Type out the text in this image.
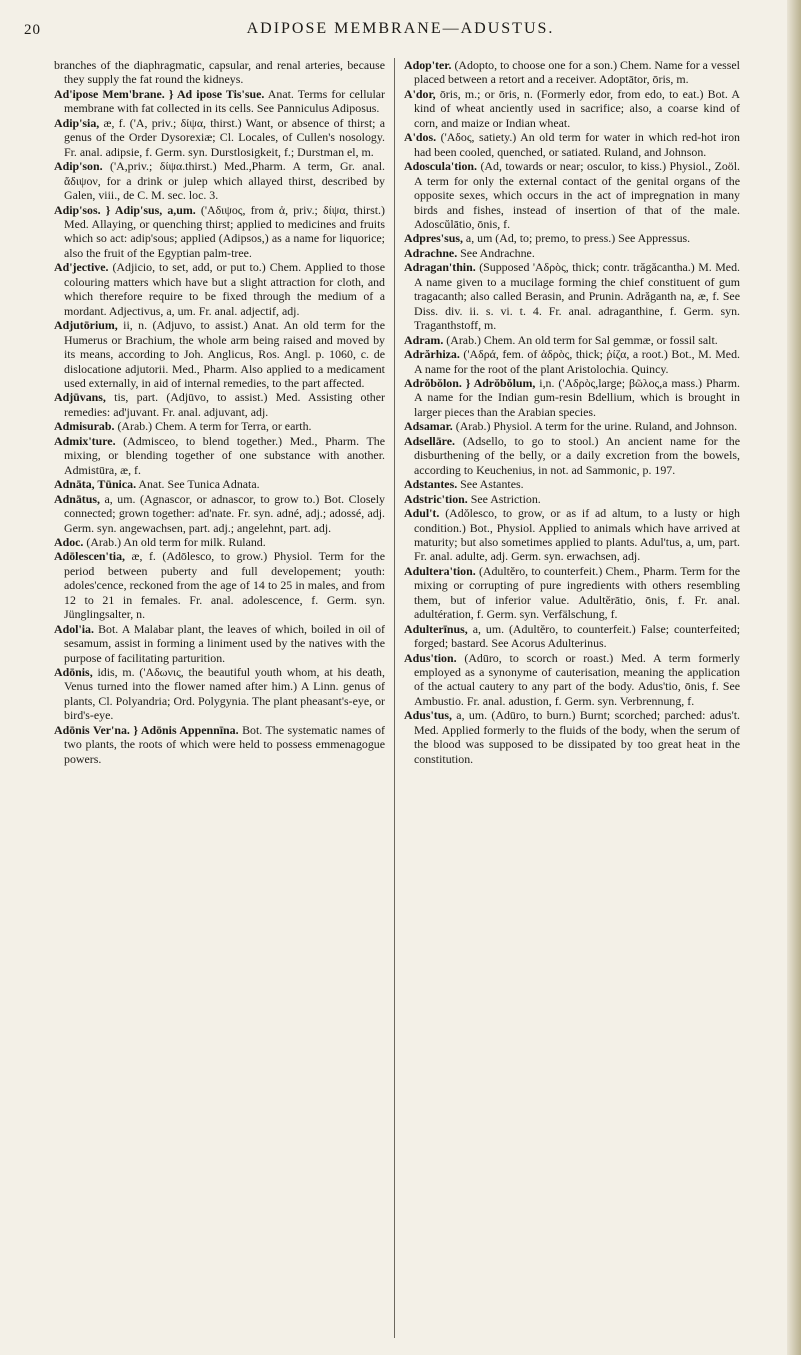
20	ADIPOSE MEMBRANE—ADUSTUS.

branches of the diaphragmatic, capsular, and renal arteries, because they supply the fat round the kidneys.

Ad'ipose Mem'brane. } Ad ipose Tis'sue. Anat. Terms for cellular membrane with fat collected in its cells. See Panniculus Adiposus.

Adip'sia, æ, f. ('A, priv.; δίψα, thirst.) Want, or absence of thirst; a genus of the Order Dysorexiæ; Cl. Locales, of Cullen's nosology. Fr. anal. adipsie, f. Germ. syn. Durstlosigkeit, f.; Durstman el, m.

Adip'son. ('A,priv.; δίψα.thirst.) Med.,Pharm. A term, Gr. anal. ἄδιψον, for a drink or julep which allayed thirst, described by Galen, viii., de C. M. sec. loc. 3.

Adip'sos. } Adip'sus, a,um. ('Αδιψος, from ἀ, priv.; δίψα, thirst.) Med. Allaying, or quenching thirst; applied to medicines and fruits which so act: adip'sous; applied (Adipsos,) as a name for liquorice; also the fruit of the Egyptian palm-tree.

Ad'jective. (Adjicio, to set, add, or put to.) Chem. Applied to those colouring matters which have but a slight attraction for cloth, and which therefore require to be fixed through the medium of a mordant. Adjectivus, a, um. Fr. anal. adjectif, adj.

Adjutōrium, ii, n. (Adjuvo, to assist.) Anat. An old term for the Humerus or Brachium, the whole arm being raised and moved by its means, according to Joh. Anglicus, Ros. Angl. p. 1060, c. de dislocatione adjutorii. Med., Pharm. Also applied to a medicament used externally, in aid of internal remedies, to the part affected.

Adjūvans, tis, part. (Adjūvo, to assist.) Med. Assisting other remedies: ad'juvant. Fr. anal. adjuvant, adj.

Admisurab. (Arab.) Chem. A term for Terra, or earth.

Admix'ture. (Admisceo, to blend together.) Med., Pharm. The mixing, or blending together of one substance with another. Admistūra, æ, f.

Adnāta, Tūnica. Anat. See Tunica Adnata.

Adnātus, a, um. (Agnascor, or adnascor, to grow to.) Bot. Closely connected; grown together: ad'nate. Fr. syn. adné, adj.; adossé, adj. Germ. syn. angewachsen, part. adj.; angelehnt, part. adj.

Adoc. (Arab.) An old term for milk. Ruland.

Adōlescen'tia, æ, f. (Adōlesco, to grow.) Physiol. Term for the period between puberty and full developement; youth: adoles'cence, reckoned from the age of 14 to 25 in males, and from 12 to 21 in females. Fr. anal. adolescence, f. Germ. syn. Jünglingsalter, n.

Adol'ia. Bot. A Malabar plant, the leaves of which, boiled in oil of sesamum, assist in forming a liniment used by the natives with the purpose of facilitating parturition.

Adōnis, idis, m. ('Αδωνις, the beautiful youth whom, at his death, Venus turned into the flower named after him.) A Linn. genus of plants, Cl. Polyandria; Ord. Polygynia. The plant pheasant's-eye, or bird's-eye.

Adōnis Ver'na. } Adōnis Appennīna. Bot. The systematic names of two plants, the roots of which were held to possess emmenagogue powers.

Adop'ter. (Adopto, to choose one for a son.) Chem. Name for a vessel placed between a retort and a receiver. Adoptātor, ōris, m.

A'dor, ōris, m.; or ōris, n. (Formerly edor, from edo, to eat.) Bot. A kind of wheat anciently used in sacrifice; also, a coarse kind of corn, and maize or Indian wheat.

A'dos. ('Αδος, satiety.) An old term for water in which red-hot iron had been cooled, quenched, or satiated. Ruland, and Johnson.

Adoscula'tion. (Ad, towards or near; osculor, to kiss.) Physiol., Zoöl. A term for only the external contact of the genital organs of the opposite sexes, which occurs in the act of impregnation in many birds and fishes, instead of insertion of that of the male. Adoscŭlātio, ōnis, f.

Adpres'sus, a, um (Ad, to; premo, to press.) See Appressus.

Adrachne. See Andrachne.

Adragan'thin. (Supposed 'Αδρὸς, thick; contr. trăgăcantha.) M. Med. A name given to a mucilage forming the chief constituent of gum tragacanth; also called Berasin, and Prunin. Adrăganth na, æ, f. See Diss. div. ii. s. vi. t. 4. Fr. anal. adraganthine, f. Germ. syn. Traganthstoff, m.

Adram. (Arab.) Chem. An old term for Sal gemmæ, or fossil salt.

Adrărhiza. ('Αδρά, fem. of ἁδρὸς, thick; ῥίζα, a root.) Bot., M. Med. A name for the root of the plant Aristolochia. Quincy.

Adrŏbŏlon. } Adrŏbŏlum, i,n. ('Αδρὸς,large; βῶλος,a mass.) Pharm. A name for the Indian gum-resin Bdellium, which is brought in larger pieces than the Arabian species.

Adsamar. (Arab.) Physiol. A term for the urine. Ruland, and Johnson.

Adsellāre. (Adsello, to go to stool.) An ancient name for the disburthening of the belly, or a daily excretion from the bowels, according to Keuchenius, in not. ad Sammonic, p. 197.

Adstantes. See Astantes.

Adstric'tion. See Astriction.

Adul't. (Adŏlesco, to grow, or as if ad altum, to a lusty or high condition.) Bot., Physiol. Applied to animals which have arrived at maturity; but also sometimes applied to plants. Adul'tus, a, um, part. Fr. anal. adulte, adj. Germ. syn. erwachsen, adj.

Adultera'tion. (Adultĕro, to counterfeit.) Chem., Pharm. Term for the mixing or corrupting of pure ingredients with others resembling them, but of inferior value. Adultĕrātio, ōnis, f. Fr. anal. adultération, f. Germ. syn. Verfälschung, f.

Adulterīnus, a, um. (Adultĕro, to counterfeit.) False; counterfeited; forged; bastard. See Acorus Adulterinus.

Adus'tion. (Adūro, to scorch or roast.) Med. A term formerly employed as a synonyme of cauterisation, meaning the application of the actual cautery to any part of the body. Adus'tio, ōnis, f. See Ambustio. Fr. anal. adustion, f. Germ. syn. Verbrennung, f.

Adus'tus, a, um. (Adūro, to burn.) Burnt; scorched; parched: adus't. Med. Applied formerly to the fluids of the body, when the serum of the blood was supposed to be dissipated by too great heat in the constitution.
